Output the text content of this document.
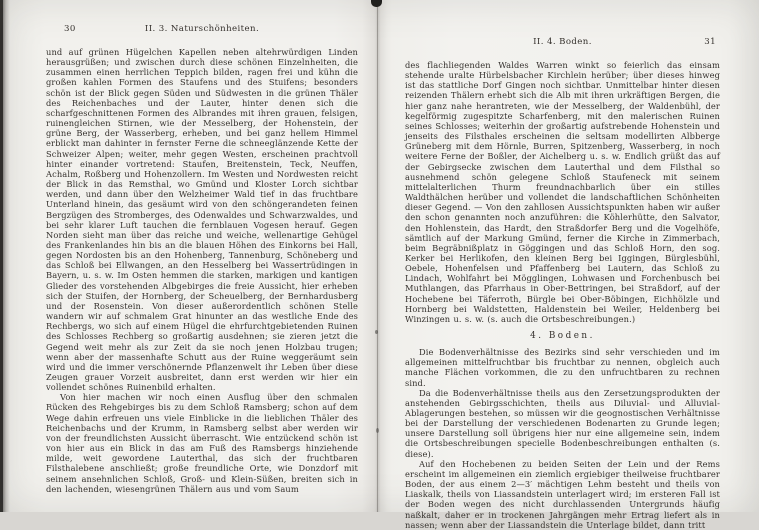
30	II. 3. Naturschönheiten.

und auf grünen Hügelchen Kapellen neben altehrwürdigen Linden herausgrüßen; und zwischen durch diese schönen Einzelnheiten, die zusammen einen herrlichen Teppich bilden, ragen frei und kühn die großen kahlen Formen des Staufens und des Stuifens; besonders schön ist der Blick gegen Süden und Südwesten in die grünen Thäler des Reichenbaches und der Lauter, hinter denen sich die scharfgeschnittenen Formen des Albrandes mit ihren grauen, felsigen, ruinengleichen Stirnen, wie der Messelberg, der Hohenstein, der grüne Berg, der Wasserberg, erheben, und bei ganz hellem Himmel erblickt man dahinter in fernster Ferne die schneeglänzende Kette der Schweizer Alpen; weiter, mehr gegen Westen, erscheinen prachtvoll hinter einander vortretend: Staufen, Breitenstein, Teck, Neuffen, Achalm, Roßberg und Hohenzollern. Im Westen und Nordwesten reicht der Blick in das Remsthal, wo Gmünd und Kloster Lorch sichtbar werden, und dann über den Welzheimer Wald tief in das fruchtbare Unterland hinein, das gesäumt wird von den schöngerandeten feinen Bergzügen des Stromberges, des Odenwaldes und Schwarzwaldes, und bei sehr klarer Luft tauchen die fernblauen Vogesen herauf. Gegen Norden sieht man über das reiche und weiche, wellenartige Gehügel des Frankenlandes hin bis an die blauen Höhen des Einkorns bei Hall, gegen Nordosten bis an den Hohenberg, Tannenburg, Schöneberg und das Schloß bei Ellwangen, an den Hesselberg bei Wassertrüdingen in Bayern, u. s. w. Im Osten hemmen die starken, markigen und kantigen Glieder des vorstehenden Albgebirges die freie Aussicht, hier erheben sich der Stuifen, der Hornberg, der Scheuelberg, der Bernhardusberg und der Rosenstein. Von dieser außerordentlich schönen Stelle wandern wir auf schmalem Grat hinunter an das westliche Ende des Rechbergs, wo sich auf einem Hügel die ehrfurchtgebietenden Ruinen des Schlosses Rechberg so großartig ausdehnen; sie zieren jetzt die Gegend weit mehr als zur Zeit da sie noch jenen Holzbau trugen; wenn aber der massenhafte Schutt aus der Ruine weggeräumt sein wird und die immer verschönernde Pflanzenwelt ihr Leben über diese Zeugen grauer Vorzeit ausbreitet, dann erst werden wir hier ein vollendet schönes Ruinenbild erhalten.

Von hier machen wir noch einen Ausflug über den schmalen Rücken des Rehgebirges bis zu dem Schloß Ramsberg; schon auf dem Wege dahin erfreuen uns viele Einblicke in die lieblichen Thäler des Reichenbachs und der Krumm, in Ramsberg selbst aber werden wir von der freundlichsten Aussicht überrascht. Wie entzückend schön ist von hier aus ein Blick in das am Fuß des Ramsbergs hinziehende milde, weit gewordene Lauterthal, das sich der fruchtbaren Filsthalebene anschließt; große freundliche Orte, wie Donzdorf mit seinem ansehnlichen Schloß, Groß- und Klein-Süßen, breiten sich in den lachenden, wiesengrünen Thälern aus und vom Saum

II. 4. Boden.	31

des flachliegenden Waldes Warren winkt so feierlich das einsam stehende uralte Hürbelsbacher Kirchlein herüber; über dieses hinweg ist das stattliche Dorf Gingen noch sichtbar. Unmittelbar hinter diesen reizenden Thälern erhebt sich die Alb mit ihren urkräftigen Bergen, die hier ganz nahe herantreten, wie der Messelberg, der Waldenbühl, der kegelförmig zugespitzte Scharfenberg, mit den malerischen Ruinen seines Schlosses; weiterhin der großartig aufstrebende Hohenstein und jenseits des Filsthales erscheinen die seltsam modellirten Albberge Grüneberg mit dem Hörnle, Burren, Spitzenberg, Wasserberg, in noch weitere Ferne der Boßler, der Aichelberg u. s. w. Endlich grüßt das auf der Gebirgsecke zwischen dem Lauterthal und dem Filsthal so ausnehmend schön gelegene Schloß Staufeneck mit seinem mittelalterlichen Thurm freundnachbarlich über ein stilles Waldthälchen herüber und vollendet die landschaftlichen Schönheiten dieser Gegend. — Von den zahllosen Aussichtspunkten haben wir außer den schon genannten noch anzuführen: die Köhlerhütte, den Salvator, den Hohlenstein, das Hardt, den Straßdorfer Berg und die Vogelhöfe, sämtlich auf der Markung Gmünd, ferner die Kirche in Zimmerbach, beim Begräbnißplatz in Göggingen und das Schloß Horn, den sog. Kerker bei Herlikofen, den kleinen Berg bei Iggingen, Bürglesbühl, Oebele, Hohenfelsen und Pfaffenberg bei Lautern, das Schloß zu Lindach, Wohlfahrt bei Mögglingen, Lohwasen und Forchenbusch bei Muthlangen, das Pfarrhaus in Ober-Bettringen, bei Straßdorf, auf der Hochebene bei Täferroth, Bürgle bei Ober-Böbingen, Eichhölzle und Hornberg bei Waldstetten, Haldenstein bei Weiler, Heldenberg bei Winzingen u. s. w. (s. auch die Ortsbeschreibungen.)

4. Boden.

Die Bodenverhältnisse des Bezirks sind sehr verschieden und im allgemeinen mittelfruchtbar bis fruchtbar zu nennen, obgleich auch manche Flächen vorkommen, die zu den unfruchtbaren zu rechnen sind.

Da die Bodenverhältnisse theils aus den Zersetzungsprodukten der anstehenden Gebirgsschichten, theils aus Diluvial- und Alluvial-Ablagerungen bestehen, so müssen wir die geognostischen Verhältnisse bei der Darstellung der verschiedenen Bodenarten zu Grunde legen; unsere Darstellung soll übrigens hier nur eine allgemeine sein, indem die Ortsbeschreibungen specielle Bodenbeschreibungen enthalten (s. diese).

Auf den Hochebenen zu beiden Seiten der Lein und der Rems erscheint im allgemeinen ein ziemlich ergiebiger theilweise fruchtbarer Boden, der aus einem 2—3′ mächtigen Lehm besteht und theils von Liaskalk, theils von Liassandstein unterlagert wird; im ersteren Fall ist der Boden wegen des nicht durchlassenden Untergrunds häufig naßkalt, daher er in trockenen Jahrgängen mehr Ertrag liefert als in nassen; wenn aber der Liassandstein die Unterlage bildet, dann tritt
